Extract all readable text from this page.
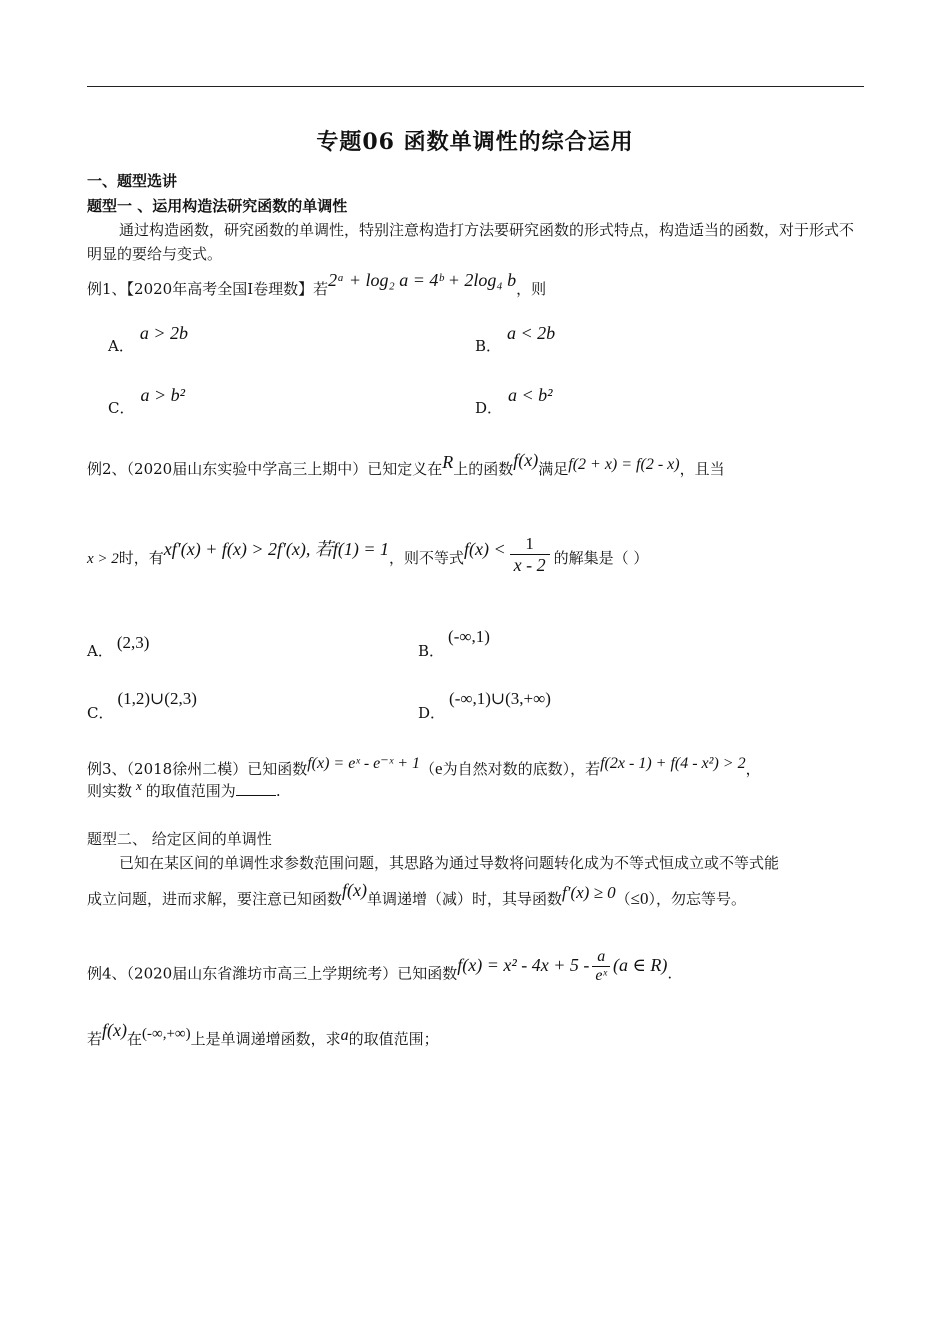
专题06 函数单调性的综合运用
一、题型选讲
题型一 、运用构造法研究函数的单调性
通过构造函数，研究函数的单调性，特别注意构造打方法要研究函数的形式特点，构造适当的函数，对于形式不明显的要给与变式。
例1、【2020年高考全国I卷理数】若2ᵃ + log₂ a = 4ᵇ + 2log₄ b，则
A．a > 2b
B．a < 2b
C．a > b²
D．a < b²
例2、（2020届山东实验中学高三上期中）已知定义在R上的函数f(x)满足f(2 + x) = f(2 - x)，且当
x > 2时，有xf′(x) + f(x) > 2f′(x), 若f(1) = 1，则不等式$f(x) < \frac{1}{x - 2}$ 的解集是（ ）
A． (2,3)	B．(-∞,1)
C．(1,2)∪(2,3)
D．(-∞,1)∪(3,+∞)
例3、（2018徐州二模）已知函数f(x) = eˣ - e⁻ˣ + 1（e为自然对数的底数），若f(2x - 1) + f(4 - x²) > 2，
则实数 x 的取值范围为	.
题型二、 给定区间的单调性
已知在某区间的单调性求参数范围问题，其思路为通过导数将问题转化成为不等式恒成立或不等式能
成立问题，进而求解，要注意已知函数f(x)单调递增（减）时，其导函数f′(x) ≥ 0（≤0），勿忘等号。
例4、（2020届山东省潍坊市高三上学期统考）已知函数$f(x) = x^2 - 4x + 5 - \frac{a}{\text{eˣ}} (a$ ∈ R).
若f(x)在(-∞,+∞)上是单调递增函数，求a的取值范围；
